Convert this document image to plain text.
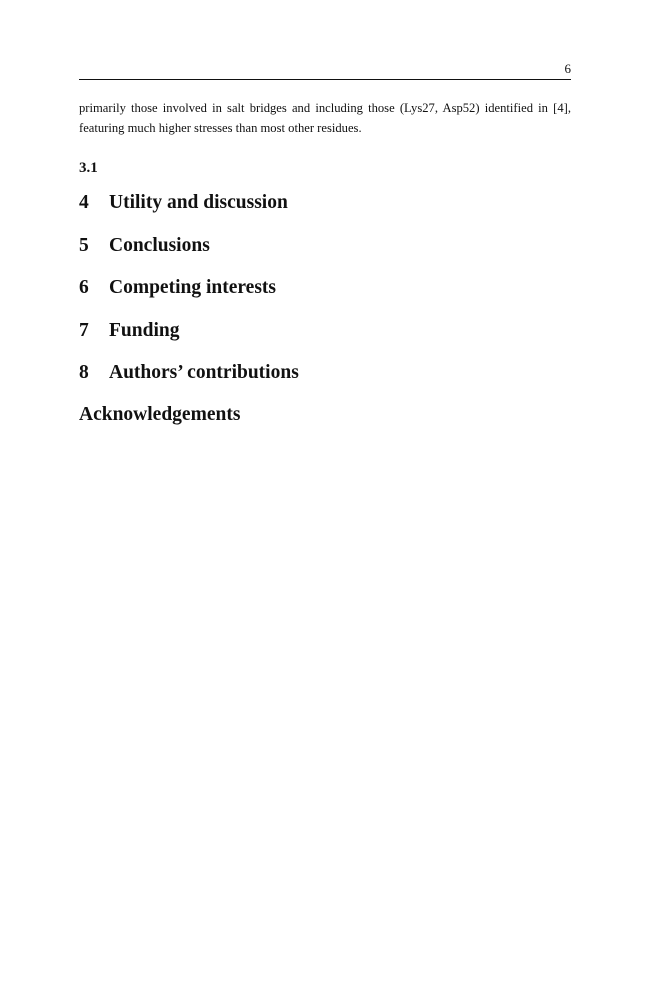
6

primarily those involved in salt bridges and including those (Lys27, Asp52) identified in [4], featuring much higher stresses than most other residues.

3.1
4 Utility and discussion
5 Conclusions
6 Competing interests
7 Funding
8 Authors’ contributions
Acknowledgements
